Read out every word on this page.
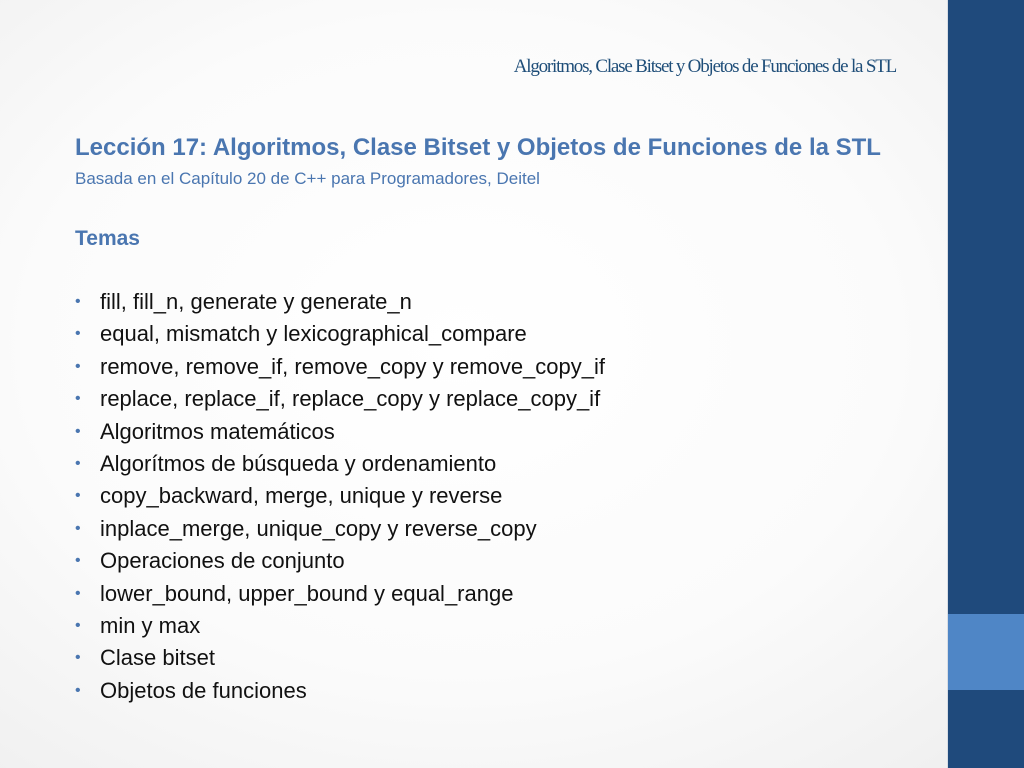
Algoritmos, Clase Bitset y Objetos de Funciones de la STL
Lección 17: Algoritmos, Clase Bitset y Objetos de Funciones de la STL
Basada en el Capítulo 20 de C++ para Programadores, Deitel
Temas
• fill, fill_n, generate y generate_n
• equal, mismatch y lexicographical_compare
• remove, remove_if, remove_copy y remove_copy_if
• replace, replace_if, replace_copy y replace_copy_if
• Algoritmos matemáticos
• Algorítmos de búsqueda y ordenamiento
• copy_backward, merge, unique y reverse
• inplace_merge, unique_copy y reverse_copy
• Operaciones de conjunto
• lower_bound, upper_bound y equal_range
• min y max
• Clase bitset
• Objetos de funciones
